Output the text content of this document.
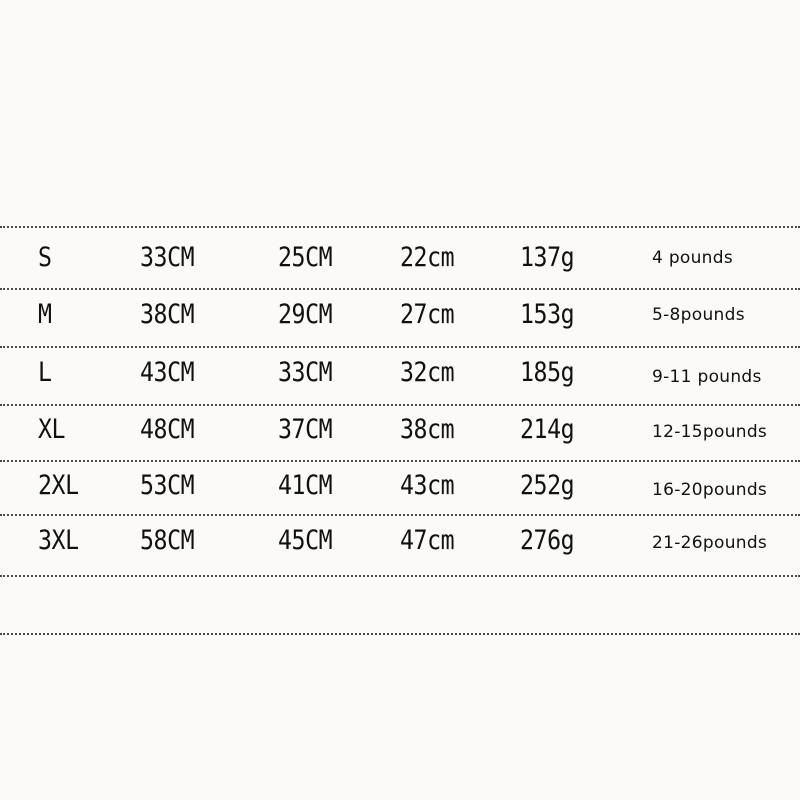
S	33CM	25CM	22cm 137g	4 pounds
M	38CM	29CM	27cm 153g	5-8pounds
L	43CM	33CM	32cm 185g	9-11 pounds
XL	48CM	37CM	38cm 214g	12-15pounds
2XL 53CM	41CM	43cm 252g	16-20pounds
3XL 58CM	45CM	47cm 276g	21-26pounds
